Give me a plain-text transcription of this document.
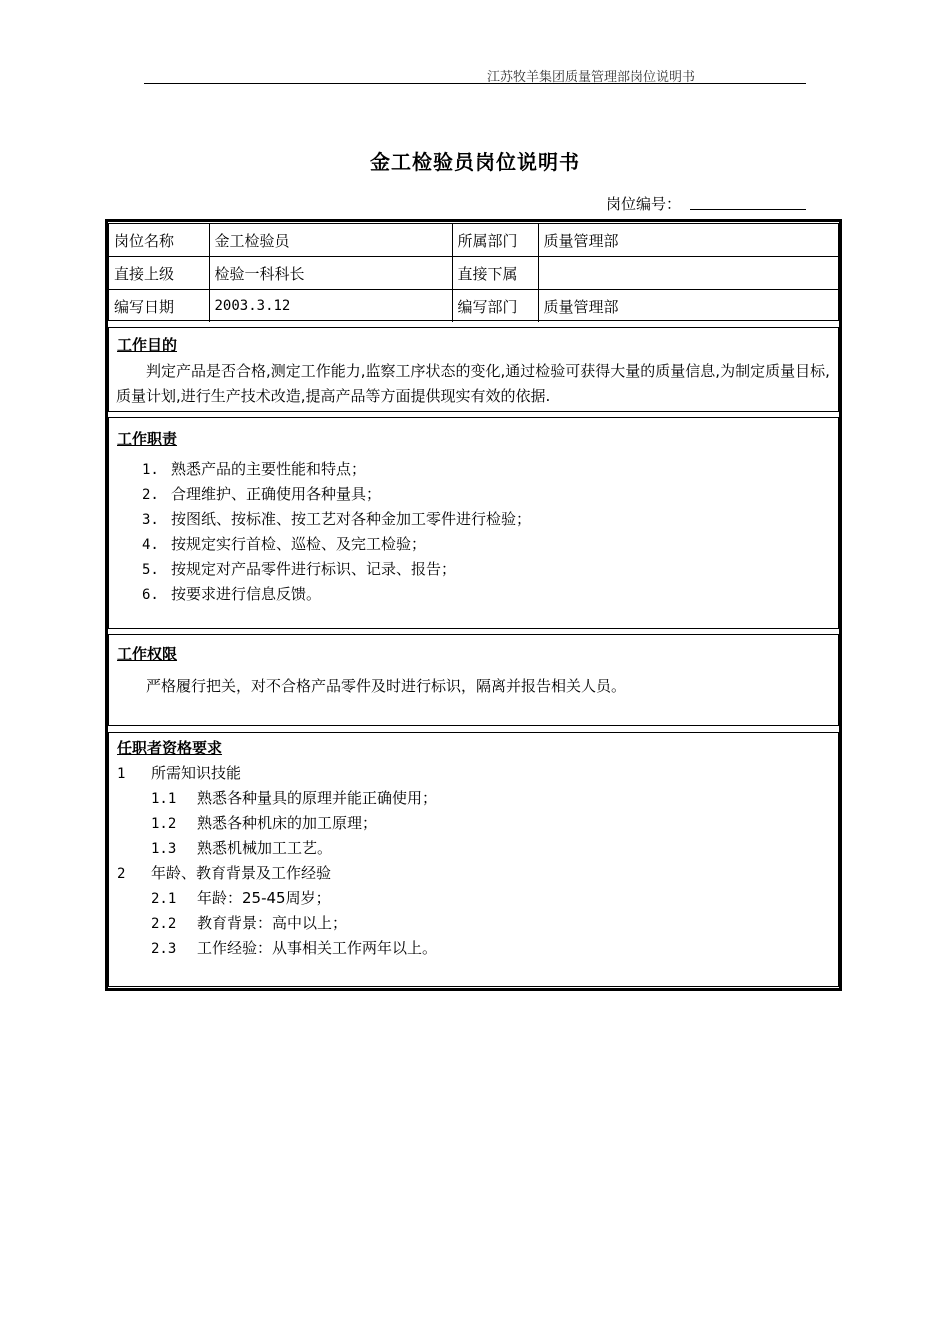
江苏牧羊集团质量管理部岗位说明书
金工检验员岗位说明书
岗位编号：
岗位名称	金工检验员	所属部门	质量管理部
直接上级	检验一科科长	直接下属	
编写日期	2003.3.12	编写部门	质量管理部
工作目的
判定产品是否合格,测定工作能力,监察工序状态的变化,通过检验可获得大量的质量信息,为制定质量目标,质量计划,进行生产技术改造,提高产品等方面提供现实有效的依据.
工作职责
1. 熟悉产品的主要性能和特点；
2. 合理维护、正确使用各种量具；
3. 按图纸、按标准、按工艺对各种金加工零件进行检验；
4. 按规定实行首检、巡检、及完工检验；
5. 按规定对产品零件进行标识、记录、报告；
6. 按要求进行信息反馈。
工作权限
严格履行把关，对不合格产品零件及时进行标识，隔离并报告相关人员。
任职者资格要求
1 所需知识技能
1.1 熟悉各种量具的原理并能正确使用；
1.2 熟悉各种机床的加工原理；
1.3 熟悉机械加工工艺。
2 年龄、教育背景及工作经验
2.1 年龄：25-45周岁；
2.2 教育背景：高中以上；
2.3 工作经验：从事相关工作两年以上。
